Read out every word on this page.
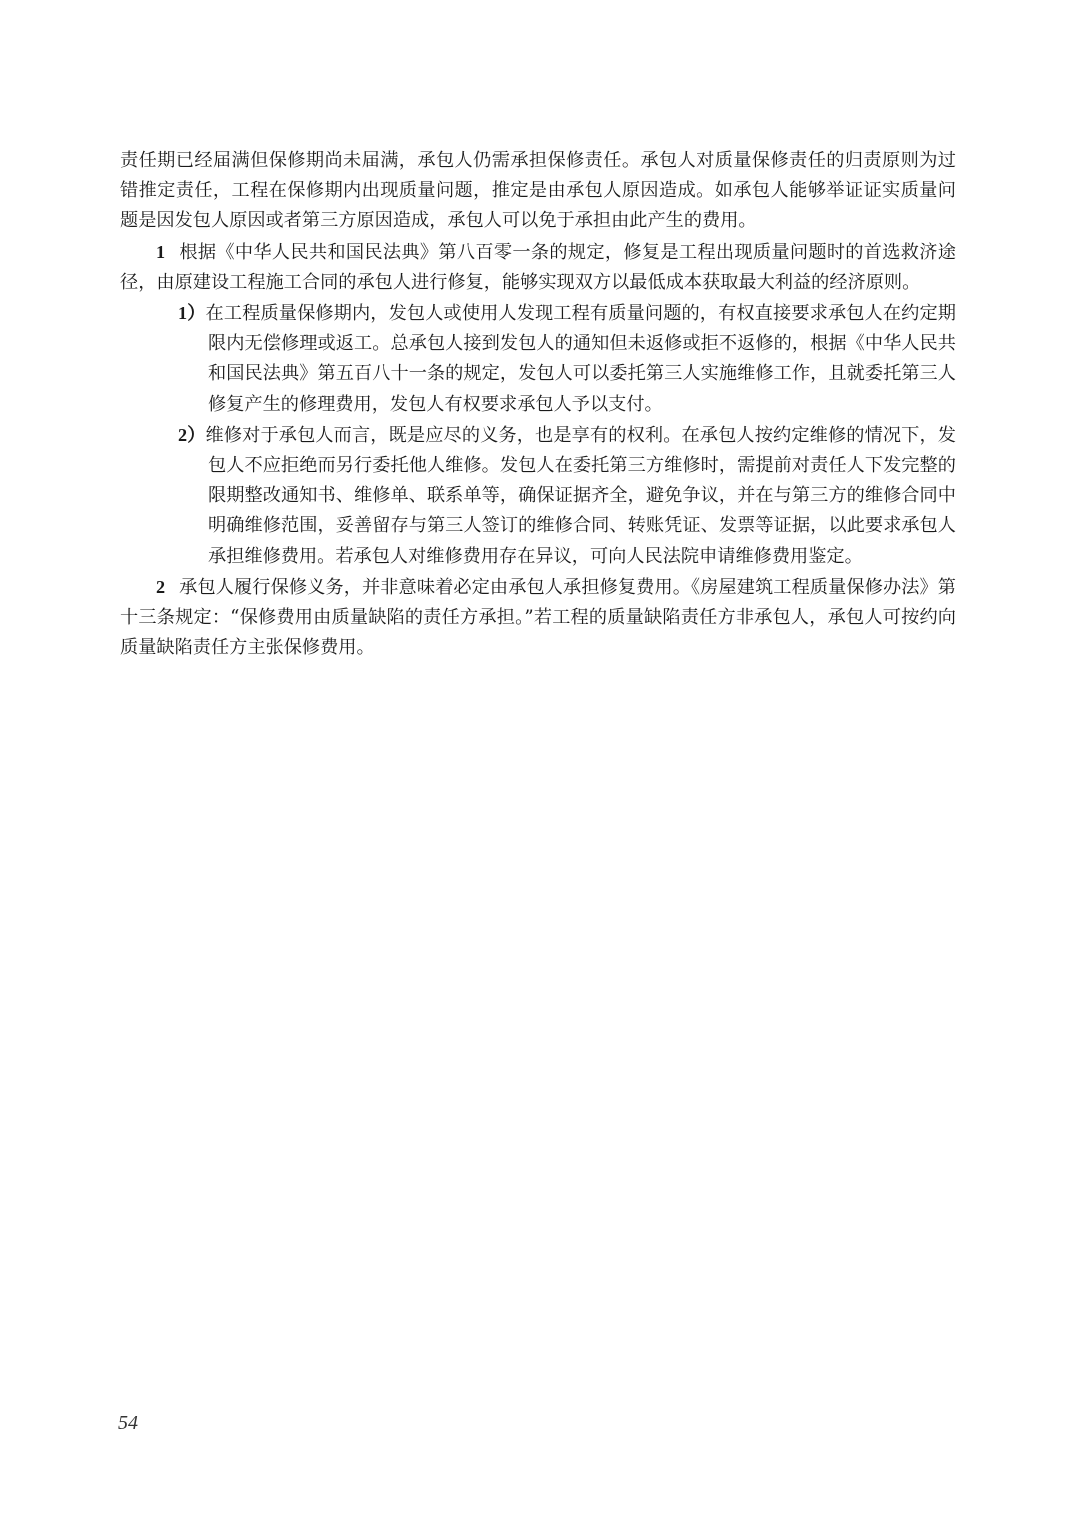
责任期已经届满但保修期尚未届满，承包人仍需承担保修责任。承包人对质量保修责任的归责原则为过错推定责任，工程在保修期内出现质量问题，推定是由承包人原因造成。如承包人能够举证证实质量问题是因发包人原因或者第三方原因造成，承包人可以免于承担由此产生的费用。

1 根据《中华人民共和国民法典》第八百零一条的规定，修复是工程出现质量问题时的首选救济途径，由原建设工程施工合同的承包人进行修复，能够实现双方以最低成本获取最大利益的经济原则。

1）在工程质量保修期内，发包人或使用人发现工程有质量问题的，有权直接要求承包人在约定期限内无偿修理或返工。总承包人接到发包人的通知但未返修或拒不返修的，根据《中华人民共和国民法典》第五百八十一条的规定，发包人可以委托第三人实施维修工作，且就委托第三人修复产生的修理费用，发包人有权要求承包人予以支付。

2）维修对于承包人而言，既是应尽的义务，也是享有的权利。在承包人按约定维修的情况下，发包人不应拒绝而另行委托他人维修。发包人在委托第三方维修时，需提前对责任人下发完整的限期整改通知书、维修单、联系单等，确保证据齐全，避免争议，并在与第三方的维修合同中明确维修范围，妥善留存与第三人签订的维修合同、转账凭证、发票等证据，以此要求承包人承担维修费用。若承包人对维修费用存在异议，可向人民法院申请维修费用鉴定。

2 承包人履行保修义务，并非意味着必定由承包人承担修复费用。《房屋建筑工程质量保修办法》第十三条规定：“保修费用由质量缺陷的责任方承担。”若工程的质量缺陷责任方非承包人，承包人可按约向质量缺陷责任方主张保修费用。

54
